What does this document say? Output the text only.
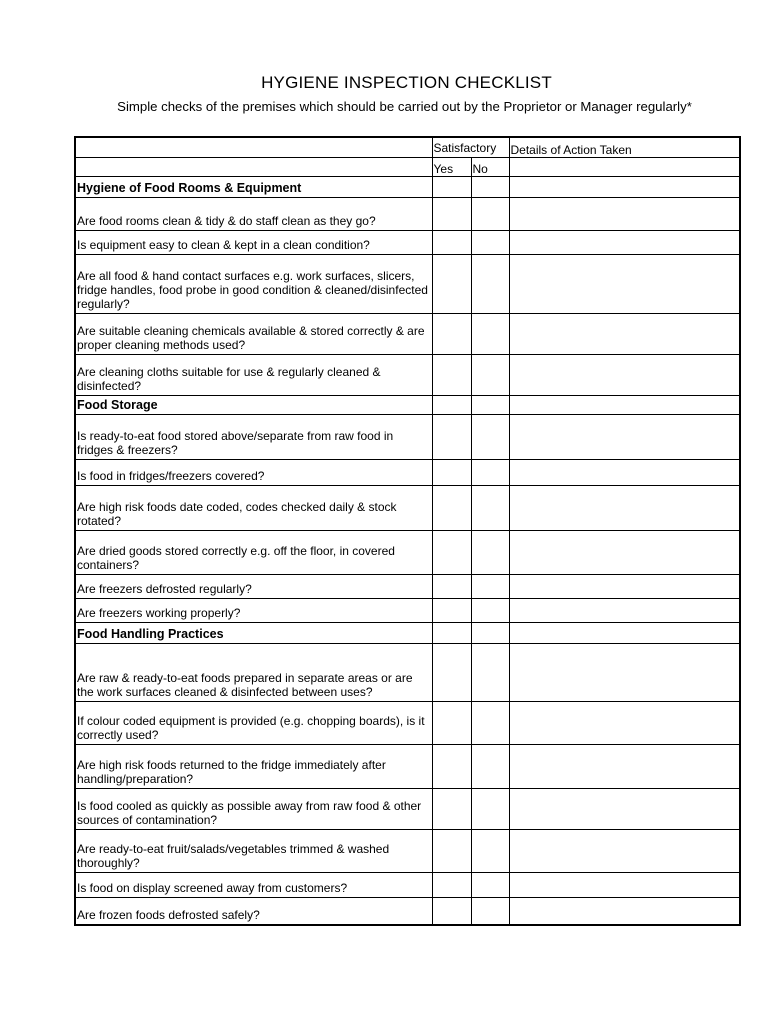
HYGIENE INSPECTION CHECKLIST
Simple checks of the premises which should be carried out by the Proprietor or Manager regularly*

	Satisfactory		Details of Action Taken
	Yes	No	
Hygiene of Food Rooms & Equipment			
Are food rooms clean & tidy & do staff clean as they go?			
Is equipment easy to clean & kept in a clean condition?			
Are all food & hand contact surfaces e.g. work surfaces, slicers, fridge handles, food probe in good condition & cleaned/disinfected regularly?			
Are suitable cleaning chemicals available & stored correctly & are proper cleaning methods used?			
Are cleaning cloths suitable for use & regularly cleaned & disinfected?			
Food Storage			
Is ready-to-eat food stored above/separate from raw food in fridges & freezers?			
Is food in fridges/freezers covered?			
Are high risk foods date coded, codes checked daily & stock rotated?			
Are dried goods stored correctly e.g. off the floor, in covered containers?			
Are freezers defrosted regularly?			
Are freezers working properly?			
Food Handling Practices			
Are raw & ready-to-eat foods prepared in separate areas or are the work surfaces cleaned & disinfected between uses?			
If colour coded equipment is provided (e.g. chopping boards), is it correctly used?			
Are high risk foods returned to the fridge immediately after handling/preparation?			
Is food cooled as quickly as possible away from raw food & other sources of contamination?			
Are ready-to-eat fruit/salads/vegetables trimmed & washed thoroughly?			
Is food on display screened away from customers?			
Are frozen foods defrosted safely?			
